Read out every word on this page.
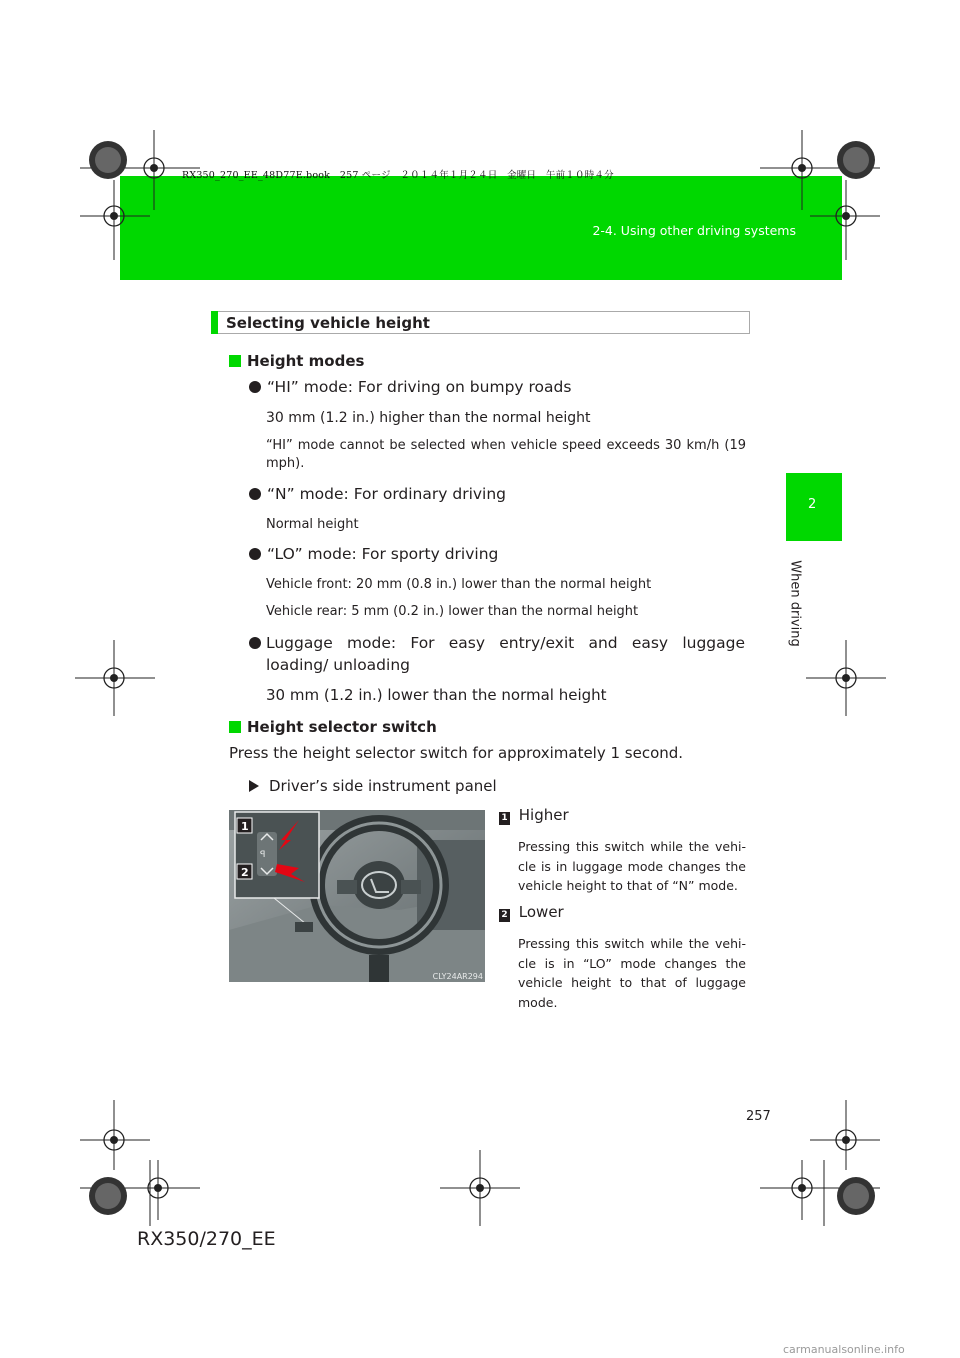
RX350_270_EE_48D77E.book　257 ページ　２０１４年１月２４日　金曜日　午前１０時４分
2-4. Using other driving systems
2
When driving
Selecting vehicle height
Height modes
“HI” mode: For driving on bumpy roads
30 mm (1.2 in.) higher than the normal height
“HI” mode cannot be selected when vehicle speed exceeds 30 km/h (19 mph).
“N” mode: For ordinary driving
Normal height
“LO” mode: For sporty driving
Vehicle front: 20 mm (0.8 in.) lower than the normal height
Vehicle rear: 5 mm (0.2 in.) lower than the normal height
Luggage mode: For easy entry/exit and easy luggage loading/ unloading
30 mm (1.2 in.) lower than the normal height
Height selector switch
Press the height selector switch for approximately 1 second.
Driver’s side instrument panel
ꟼ
1
2
CLY24AR294
1 Higher
Pressing this switch while the vehi-cle is in luggage mode changes the vehicle height to that of “N” mode.
2 Lower
Pressing this switch while the vehi-cle is in “LO” mode changes the vehicle height to that of luggage mode.
257
RX350/270_EE
carmanualsonline.info
